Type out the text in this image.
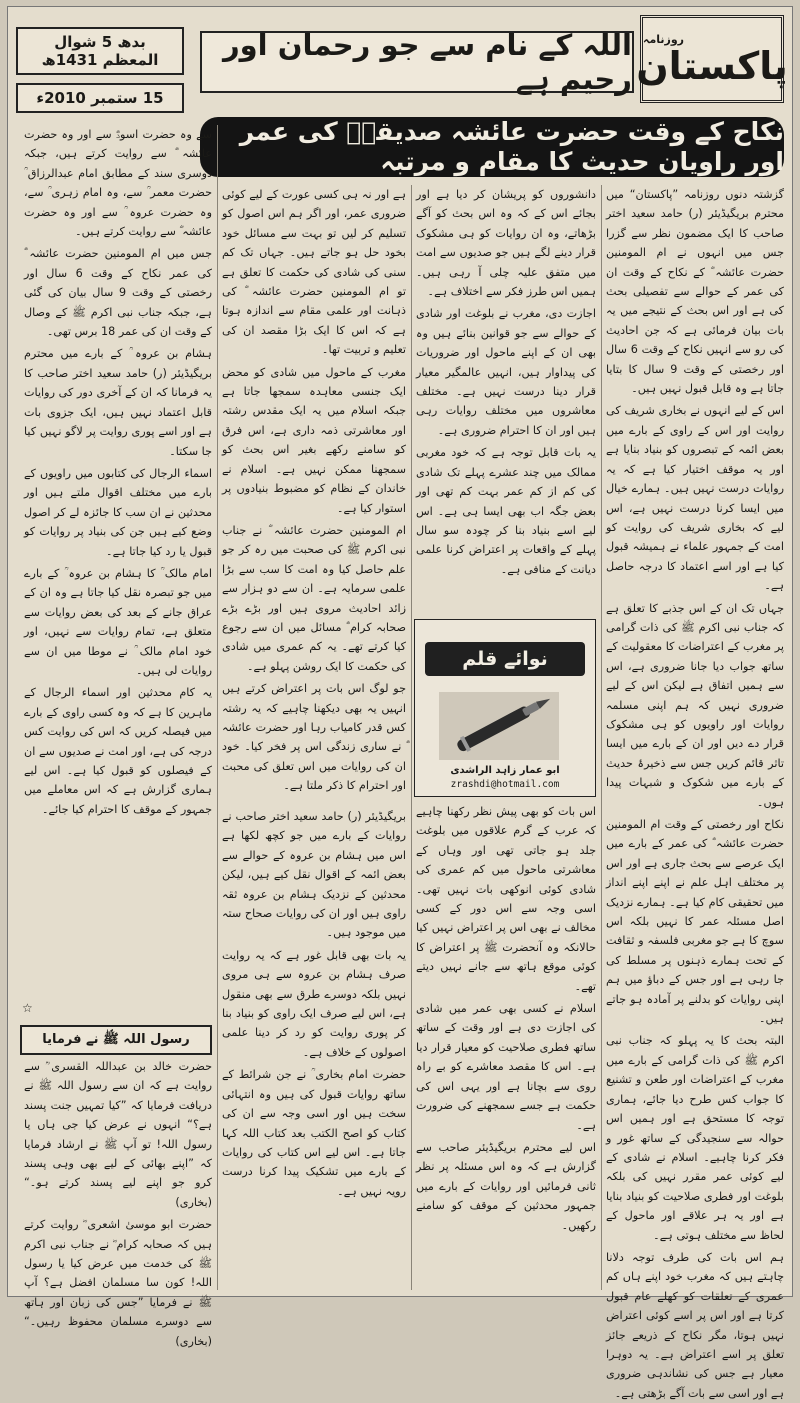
بدھ 5 شوال المعظم 1431ھ
15 ستمبر 2010ء
اللہ کے نام سے جو رحمان اور رحیم ہے
روزنامہ
پاکستان
نکاح کے وقت حضرت عائشہ صدیقہؓ کی عمر اور راویان حدیث کا مقام و مرتبہ

گزشتہ دنوں روزنامہ ”پاکستان“ میں محترم بریگیڈیئر (ر) حامد سعید اختر صاحب کا ایک مضمون نظر سے گزرا جس میں انہوں نے ام المومنین حضرت عائشہ ؓ کے نکاح کے وقت ان کی عمر کے حوالے سے تفصیلی بحث کی ہے اور اس بحث کے نتیجے میں یہ بات بیان فرمائی ہے کہ جن احادیث کی رو سے انہیں نکاح کے وقت 6 سال اور رخصتی کے وقت 9 سال کا بتایا جاتا ہے وہ قابل قبول نہیں ہیں۔

اس کے لیے انہوں نے بخاری شریف کی روایت اور اس کے راوی کے بارے میں بعض ائمہ کے تبصروں کو بنیاد بنایا ہے اور یہ موقف اختیار کیا ہے کہ یہ روایات درست نہیں ہیں۔ ہمارے خیال میں ایسا کرنا درست نہیں ہے، اس لیے کہ بخاری شریف کی روایت کو امت کے جمہور علماء نے ہمیشہ قبول کیا ہے اور اسے اعتماد کا درجہ حاصل ہے۔

جہاں تک ان کے اس جذبے کا تعلق ہے کہ جناب نبی اکرم ﷺ کی ذات گرامی پر مغرب کے اعتراضات کا معقولیت کے ساتھ جواب دیا جانا ضروری ہے، اس سے ہمیں اتفاق ہے لیکن اس کے لیے ضروری نہیں کہ ہم اپنی مسلمہ روایات اور راویوں کو ہی مشکوک قرار دے دیں اور ان کے بارے میں ایسا تاثر قائم کریں جس سے ذخیرۂ حدیث کے بارے میں شکوک و شبہات پیدا ہوں۔

نکاح اور رخصتی کے وقت ام المومنین حضرت عائشہ ؓ کی عمر کے بارے میں ایک عرصے سے بحث جاری ہے اور اس پر مختلف اہل علم نے اپنے اپنے انداز میں تحقیقی کام کیا ہے۔ ہمارے نزدیک اصل مسئلہ عمر کا نہیں بلکہ اس سوچ کا ہے جو مغربی فلسفہ و ثقافت کے تحت ہمارے ذہنوں پر مسلط کی جا رہی ہے اور جس کے دباؤ میں ہم اپنی روایات کو بدلنے پر آمادہ ہو جاتے ہیں۔

البتہ بحث کا یہ پہلو کہ جناب نبی اکرم ﷺ کی ذات گرامی کے بارے میں مغرب کے اعتراضات اور طعن و تشنیع کا جواب کس طرح دیا جائے، ہماری توجہ کا مستحق ہے اور ہمیں اس حوالہ سے سنجیدگی کے ساتھ غور و فکر کرنا چاہیے۔ اسلام نے شادی کے لیے کوئی عمر مقرر نہیں کی بلکہ بلوغت اور فطری صلاحیت کو بنیاد بنایا ہے اور یہ ہر علاقے اور ماحول کے لحاظ سے مختلف ہوتی ہے۔

ہم اس بات کی طرف توجہ دلانا چاہتے ہیں کہ مغرب خود اپنے ہاں کم عمری کے تعلقات کو کھلے عام قبول کرتا ہے اور اس پر اسے کوئی اعتراض نہیں ہوتا، مگر نکاح کے ذریعے جائز تعلق پر اسے اعتراض ہے۔ یہ دوہرا معیار ہے جس کی نشاندہی ضروری ہے اور اسی سے بات آگے بڑھتی ہے۔

دانشوروں کو پریشان کر دیا ہے اور بجائے اس کے کہ وہ اس بحث کو آگے بڑھاتے، وہ ان روایات کو ہی مشکوک قرار دینے لگے ہیں جو صدیوں سے امت میں متفق علیہ چلی آ رہی ہیں۔ ہمیں اس طرز فکر سے اختلاف ہے۔

اجازت دی، مغرب نے بلوغت اور شادی کے حوالے سے جو قوانین بنائے ہیں وہ بھی ان کے اپنے ماحول اور ضروریات کی پیداوار ہیں، انہیں عالمگیر معیار قرار دینا درست نہیں ہے۔ مختلف معاشروں میں مختلف روایات رہی ہیں اور ان کا احترام ضروری ہے۔

یہ بات قابل توجہ ہے کہ خود مغربی ممالک میں چند عشرے پہلے تک شادی کی کم از کم عمر بہت کم تھی اور بعض جگہ اب بھی ایسا ہی ہے۔ اس لیے اسے بنیاد بنا کر چودہ سو سال پہلے کے واقعات پر اعتراض کرنا علمی دیانت کے منافی ہے۔

اس بات کو بھی پیش نظر رکھنا چاہیے کہ عرب کے گرم علاقوں میں بلوغت جلد ہو جاتی تھی اور وہاں کے معاشرتی ماحول میں کم عمری کی شادی کوئی انوکھی بات نہیں تھی۔ اسی وجہ سے اس دور کے کسی مخالف نے بھی اس پر اعتراض نہیں کیا حالانکہ وہ آنحضرت ﷺ پر اعتراض کا کوئی موقع ہاتھ سے جانے نہیں دیتے تھے۔

اسلام نے کسی بھی عمر میں شادی کی اجازت دی ہے اور وقت کے ساتھ ساتھ فطری صلاحیت کو معیار قرار دیا ہے۔ اس کا مقصد معاشرے کو بے راہ روی سے بچانا ہے اور یہی اس کی حکمت ہے جسے سمجھنے کی ضرورت ہے۔

اس لیے محترم بریگیڈیئر صاحب سے گزارش ہے کہ وہ اس مسئلہ پر نظر ثانی فرمائیں اور روایات کے بارے میں جمہور محدثین کے موقف کو سامنے رکھیں۔

ہے اور نہ ہی کسی عورت کے لیے کوئی ضروری عمر، اور اگر ہم اس اصول کو تسلیم کر لیں تو بہت سے مسائل خود بخود حل ہو جاتے ہیں۔ جہاں تک کم سنی کی شادی کی حکمت کا تعلق ہے تو ام المومنین حضرت عائشہ ؓ کی ذہانت اور علمی مقام سے اندازہ ہوتا ہے کہ اس کا ایک بڑا مقصد ان کی تعلیم و تربیت تھا۔

مغرب کے ماحول میں شادی کو محض ایک جنسی معاہدہ سمجھا جاتا ہے جبکہ اسلام میں یہ ایک مقدس رشتہ اور معاشرتی ذمہ داری ہے، اس فرق کو سامنے رکھے بغیر اس بحث کو سمجھنا ممکن نہیں ہے۔ اسلام نے خاندان کے نظام کو مضبوط بنیادوں پر استوار کیا ہے۔

ام المومنین حضرت عائشہ ؓ نے جناب نبی اکرم ﷺ کی صحبت میں رہ کر جو علم حاصل کیا وہ امت کا سب سے بڑا علمی سرمایہ ہے۔ ان سے دو ہزار سے زائد احادیث مروی ہیں اور بڑے بڑے صحابہ کرام ؓ مسائل میں ان سے رجوع کیا کرتے تھے۔ یہ کم عمری میں شادی کی حکمت کا ایک روشن پہلو ہے۔

جو لوگ اس بات پر اعتراض کرتے ہیں انہیں یہ بھی دیکھنا چاہیے کہ یہ رشتہ کس قدر کامیاب رہا اور حضرت عائشہ ؓ نے ساری زندگی اس پر فخر کیا۔ خود ان کی روایات میں اس تعلق کی محبت اور احترام کا ذکر ملتا ہے۔

بریگیڈیئر (ر) حامد سعید اختر صاحب نے روایات کے بارے میں جو کچھ لکھا ہے اس میں ہشام بن عروہ کے حوالے سے بعض ائمہ کے اقوال نقل کیے ہیں، لیکن محدثین کے نزدیک ہشام بن عروہ ثقہ راوی ہیں اور ان کی روایات صحاح ستہ میں موجود ہیں۔

یہ بات بھی قابل غور ہے کہ یہ روایت صرف ہشام بن عروہ سے ہی مروی نہیں بلکہ دوسرے طرق سے بھی منقول ہے، اس لیے صرف ایک راوی کو بنیاد بنا کر پوری روایت کو رد کر دینا علمی اصولوں کے خلاف ہے۔

حضرت امام بخاری ؒ نے جن شرائط کے ساتھ روایات قبول کی ہیں وہ انتہائی سخت ہیں اور اسی وجہ سے ان کی کتاب کو اصح الکتب بعد کتاب اللہ کہا جاتا ہے۔ اس لیے اس کتاب کی روایات کے بارے میں تشکیک پیدا کرنا درست رویہ نہیں ہے۔

سے وہ حضرت اسودؓ سے اور وہ حضرت عائشہ ؓ سے روایت کرتے ہیں، جبکہ دوسری سند کے مطابق امام عبدالرزاق ؒ حضرت معمر ؒ سے، وہ امام زہری ؒ سے، وہ حضرت عروہ ؒ سے اور وہ حضرت عائشہ ؓ سے روایت کرتے ہیں۔

جس میں ام المومنین حضرت عائشہ ؓ کی عمر نکاح کے وقت 6 سال اور رخصتی کے وقت 9 سال بیان کی گئی ہے، جبکہ جناب نبی اکرم ﷺ کے وصال کے وقت ان کی عمر 18 برس تھی۔

ہشام بن عروہ ؒ کے بارے میں محترم بریگیڈیئر (ر) حامد سعید اختر صاحب کا یہ فرمانا کہ ان کے آخری دور کی روایات قابل اعتماد نہیں ہیں، ایک جزوی بات ہے اور اسے پوری روایت پر لاگو نہیں کیا جا سکتا۔

اسماء الرجال کی کتابوں میں راویوں کے بارے میں مختلف اقوال ملتے ہیں اور محدثین نے ان سب کا جائزہ لے کر اصول وضع کیے ہیں جن کی بنیاد پر روایات کو قبول یا رد کیا جاتا ہے۔

امام مالک ؒ کا ہشام بن عروہ ؒ کے بارے میں جو تبصرہ نقل کیا جاتا ہے وہ ان کے عراق جانے کے بعد کی بعض روایات سے متعلق ہے، تمام روایات سے نہیں، اور خود امام مالک ؒ نے موطا میں ان سے روایات لی ہیں۔

یہ کام محدثین اور اسماء الرجال کے ماہرین کا ہے کہ وہ کسی راوی کے بارے میں فیصلہ کریں کہ اس کی روایت کس درجہ کی ہے، اور امت نے صدیوں سے ان کے فیصلوں کو قبول کیا ہے۔ اس لیے ہماری گزارش ہے کہ اس معاملے میں جمہور کے موقف کا احترام کیا جائے۔

حضرت خالد بن عبداللہ القسری ؒ سے روایت ہے کہ ان سے رسول اللہ ﷺ نے دریافت فرمایا کہ ”کیا تمہیں جنت پسند ہے؟“ انہوں نے عرض کیا جی ہاں یا رسول اللہ! تو آپ ﷺ نے ارشاد فرمایا کہ ”اپنے بھائی کے لیے بھی وہی پسند کرو جو اپنے لیے پسند کرتے ہو۔“ (بخاری)

حضرت ابو موسیٰ اشعری ؓ روایت کرتے ہیں کہ صحابہ کرام ؓ نے جناب نبی اکرم ﷺ کی خدمت میں عرض کیا یا رسول اللہ! کون سا مسلمان افضل ہے؟ آپ ﷺ نے فرمایا ”جس کی زبان اور ہاتھ سے دوسرے مسلمان محفوظ رہیں۔“ (بخاری)

نوائے قلم
ابو عمار زاہد الراشدی
zrashdi@hotmail.com
رسول اللہ ﷺ نے فرمایا
☆
